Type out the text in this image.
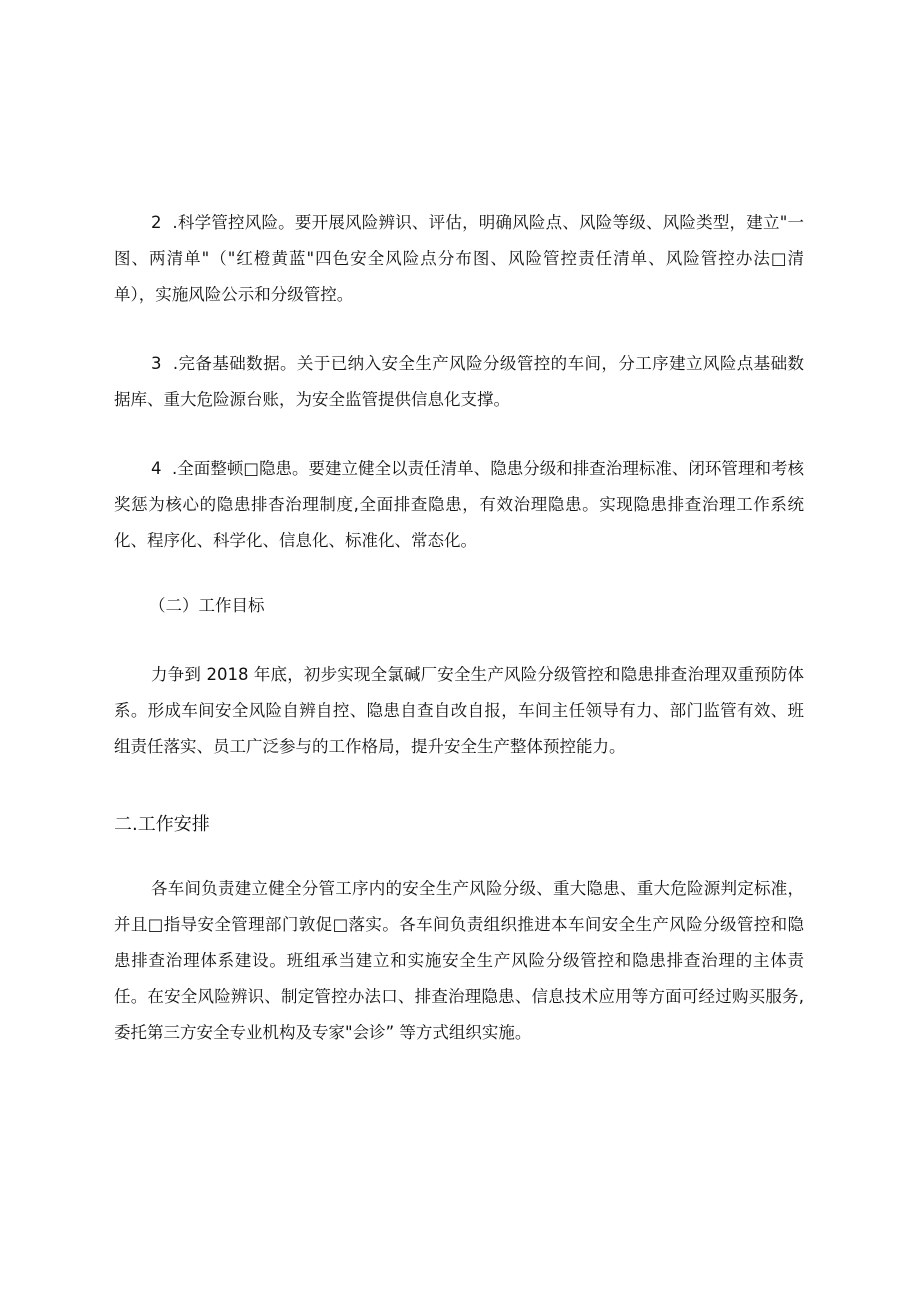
2  .科学管控风险。要开展风险辨识、评估，明确风险点、风险等级、风险类型，建立"一图、两清单"（"红橙黄蓝"四色安全风险点分布图、风险管控责任清单、风险管控办法□清单），实施风险公示和分级管控。

3  .完备基础数据。关于已纳入安全生产风险分级管控的车间，分工序建立风险点基础数据库、重大危险源台账，为安全监管提供信息化支撑。

4  .全面整顿□隐患。要建立健全以责任清单、隐患分级和排查治理标准、闭环管理和考核奖惩为核心的隐患排杳治理制度,全面排查隐患，有效治理隐患。实现隐患排查治理工作系统化、程序化、科学化、信息化、标准化、常态化。

（二）工作目标

力争到 2018 年底，初步实现全氯碱厂安全生产风险分级管控和隐患排查治理双重预防体系。形成车间安全风险自辨自控、隐患自查自改自报，车间主任领导有力、部门监管有效、班组责任落实、员工广泛参与的工作格局，提升安全生产整体预控能力。

二.工作安排

各车间负责建立健全分管工序内的安全生产风险分级、重大隐患、重大危险源判定标准，并且□指导安全管理部门敦促□落实。各车间负责组织推进本车间安全生产风险分级管控和隐患排查治理体系建设。班组承当建立和实施安全生产风险分级管控和隐患排查治理的主体责任。在安全风险辨识、制定管控办法口、排查治理隐患、信息技术应用等方面可经过购买服务,委托第三方安全专业机构及专家"会诊” 等方式组织实施。
